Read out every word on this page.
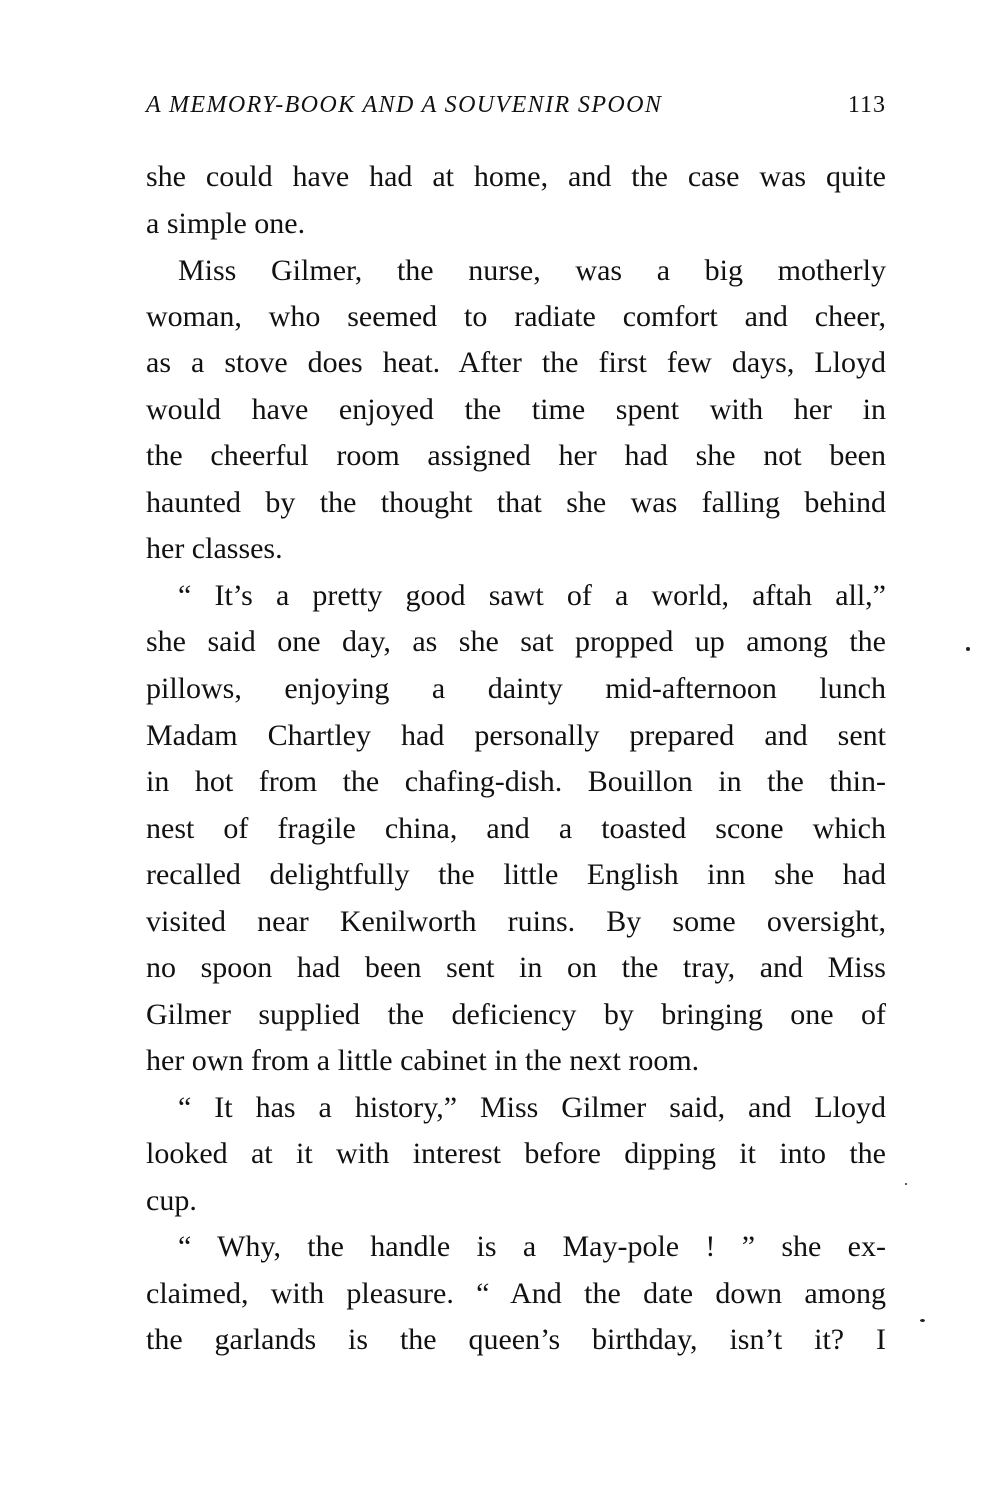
A MEMORY-BOOK AND A SOUVENIR SPOON	113
she could have had at home, and the case was quite
a simple one.
Miss Gilmer, the nurse, was a big motherly
woman, who seemed to radiate comfort and cheer,
as a stove does heat. After the first few days, Lloyd
would have enjoyed the time spent with her in
the cheerful room assigned her had she not been
haunted by the thought that she was falling behind
her classes.
“ It’s a pretty good sawt of a world, aftah all,”
she said one day, as she sat propped up among the
pillows, enjoying a dainty mid-afternoon lunch
Madam Chartley had personally prepared and sent
in hot from the chafing-dish. Bouillon in the thin-
nest of fragile china, and a toasted scone which
recalled delightfully the little English inn she had
visited near Kenilworth ruins. By some oversight,
no spoon had been sent in on the tray, and Miss
Gilmer supplied the deficiency by bringing one of
her own from a little cabinet in the next room.
“ It has a history,” Miss Gilmer said, and Lloyd
looked at it with interest before dipping it into the
cup.
“ Why, the handle is a May-pole ! ” she ex-
claimed, with pleasure. “ And the date down among
the garlands is the queen’s birthday, isn’t it? I
